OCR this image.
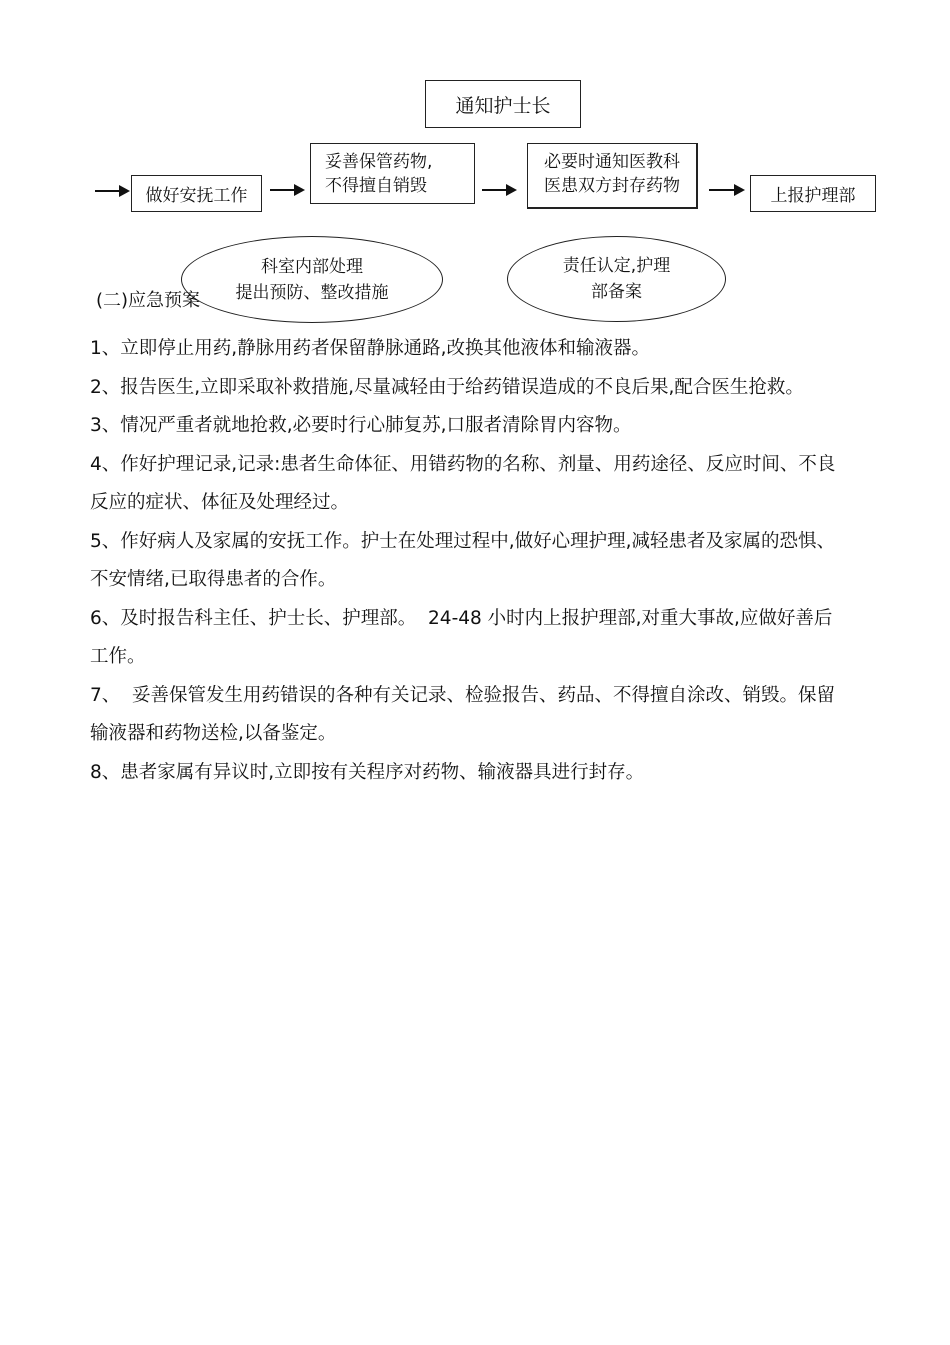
通知护士长
做好安抚工作
妥善保管药物,
不得擅自销毁
必要时通知医教科
医患双方封存药物	上报护理部
科室内部处理
提出预防、整改措施
责任认定,护理
部备案
(二)应急预案

1、立即停止用药,静脉用药者保留静脉通路,改换其他液体和输液器。

2、报告医生,立即采取补救措施,尽量减轻由于给药错误造成的不良后果,配合医生抢救。

3、情况严重者就地抢救,必要时行心肺复苏,口服者清除胃内容物。

4、作好护理记录,记录:患者生命体征、用错药物的名称、剂量、用药途径、反应时间、不良反应的症状、体征及处理经过。

5、作好病人及家属的安抚工作。护士在处理过程中,做好心理护理,减轻患者及家属的恐惧、不安情绪,已取得患者的合作。

6、及时报告科主任、护士长、护理部。  24-48 小时内上报护理部,对重大事故,应做好善后工作。

7、  妥善保管发生用药错误的各种有关记录、检验报告、药品、不得擅自涂改、销毁。保留输液器和药物送检,以备鉴定。

8、患者家属有异议时,立即按有关程序对药物、输液器具进行封存。
